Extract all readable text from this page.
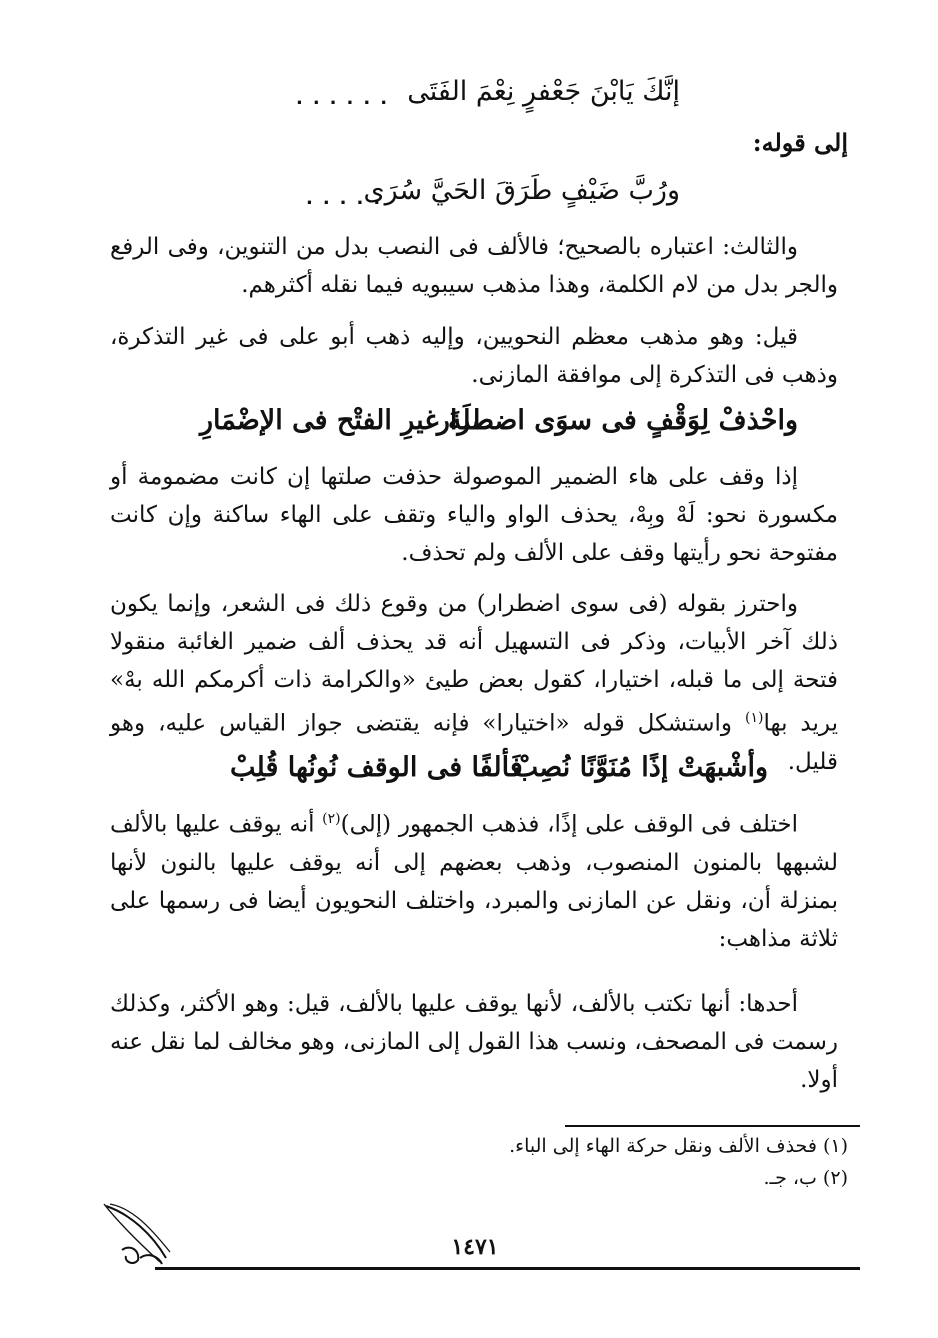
إنَّكَ يَابْنَ جَعْفرٍ نِعْمَ الفَتَى
......
إلى قوله:
ورُبَّ ضَيْفٍ طَرَقَ الحَيَّ سُرَى
.....
والثالث: اعتباره بالصحيح؛ فالألف فى النصب بدل من التنوين، وفى الرفع والجر بدل من لام الكلمة، وهذا مذهب سيبويه فيما نقله أكثرهم.
قيل: وهو مذهب معظم النحويين، وإليه ذهب أبو على فى غير التذكرة، وذهب فى التذكرة إلى موافقة المازنى.
واحْذفْ لِوَقْفٍ فى سوَى اضطرار
صلَةَ غيرِ الفتْح فى الإضْمَارِ
إذا وقف على هاء الضمير الموصولة حذفت صلتها إن كانت مضمومة أو مكسورة نحو: لَهْ وبِهْ، يحذف الواو والياء وتقف على الهاء ساكنة وإن كانت مفتوحة نحو رأيتها وقف على الألف ولم تحذف.
واحترز بقوله (فى سوى اضطرار) من وقوع ذلك فى الشعر، وإنما يكون ذلك آخر الأبيات، وذكر فى التسهيل أنه قد يحذف ألف ضمير الغائبة منقولا فتحة إلى ما قبله، اختيارا، كقول بعض طيئ «والكرامة ذات أكرمكم الله بهْ» يريد بها$^{(١)}$ واستشكل قوله «اختيارا» فإنه يقتضى جواز القياس عليه، وهو قليل.
وأشْبهَتْ إذًا مُنَوَّنًا نُصِبْ
فَألفًا فى الوقف نُونُها قُلِبْ
اختلف فى الوقف على إذًا، فذهب الجمهور (إلى)$^{(٢)}$ أنه يوقف عليها بالألف لشبهها بالمنون المنصوب، وذهب بعضهم إلى أنه يوقف عليها بالنون لأنها بمنزلة أن، ونقل عن المازنى والمبرد، واختلف النحويون أيضا فى رسمها على ثلاثة مذاهب:
أحدها: أنها تكتب بالألف، لأنها يوقف عليها بالألف، قيل: وهو الأكثر، وكذلك رسمت فى المصحف، ونسب هذا القول إلى المازنى، وهو مخالف لما نقل عنه أولا.
(١) فحذف الألف ونقل حركة الهاء إلى الباء.
(٢) ب، جـ.
١٤٧١
